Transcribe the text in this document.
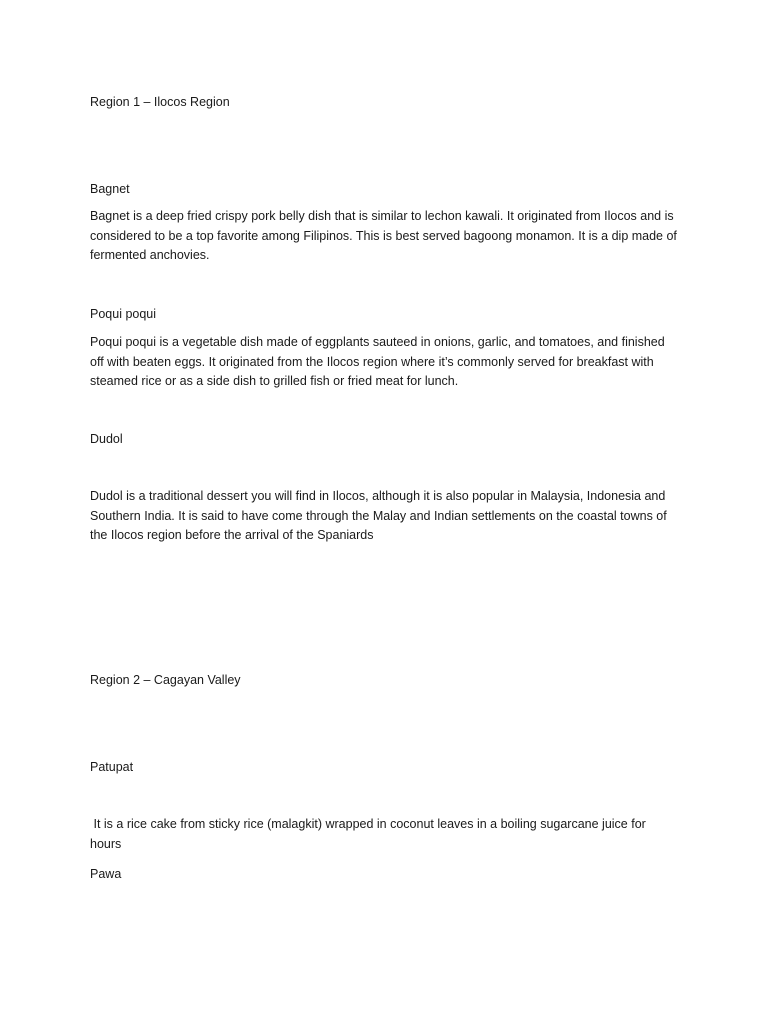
Region 1 – Ilocos Region

Bagnet

Bagnet is a deep fried crispy pork belly dish that is similar to lechon kawali. It originated from Ilocos and is considered to be a top favorite among Filipinos. This is best served bagoong monamon. It is a dip made of fermented anchovies.

Poqui poqui

Poqui poqui is a vegetable dish made of eggplants sauteed in onions, garlic, and tomatoes, and finished off with beaten eggs. It originated from the Ilocos region where it’s commonly served for breakfast with steamed rice or as a side dish to grilled fish or fried meat for lunch.

Dudol

Dudol is a traditional dessert you will find in Ilocos, although it is also popular in Malaysia, Indonesia and Southern India. It is said to have come through the Malay and Indian settlements on the coastal towns of the Ilocos region before the arrival of the Spaniards

Region 2 – Cagayan Valley

Patupat

It is a rice cake from sticky rice (malagkit) wrapped in coconut leaves in a boiling sugarcane juice for hours

Pawa
